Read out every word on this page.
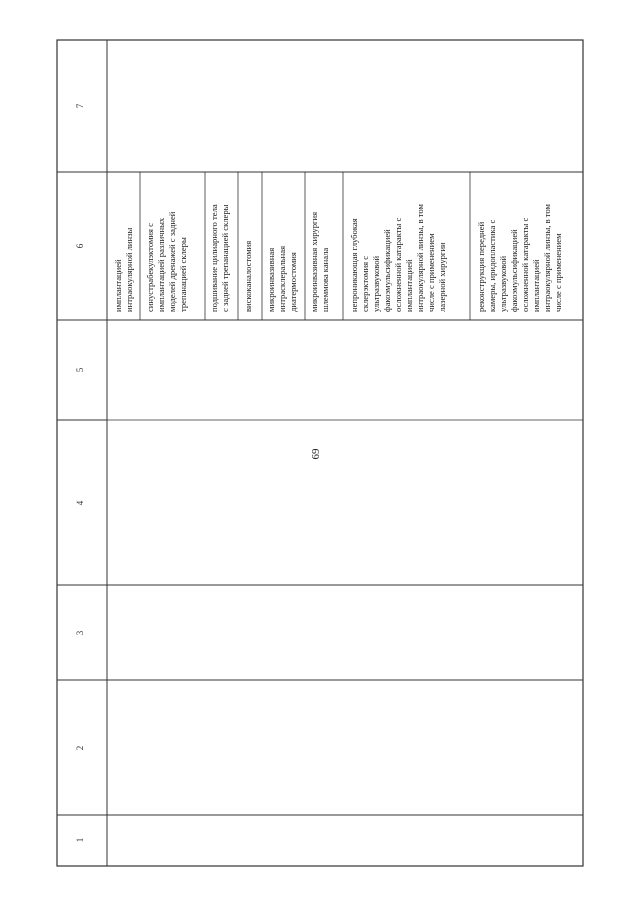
69
1
2
3
4
5
6
7
имплантацией
интраокулярной линзы синустрабекулэктомия с
имплантацией различных
моделей дренажей с задней
трепанацией склеры
подшивание цилиарного тела
с задней трепанацией склеры
вискоканалостомия микроинвазивная
интрасклеральная
диатермостомия микроинвазивная хирургия
шлеммова канала непроникающая глубокая
склерэктомия с
ультразвуковой
факоэмульсификацией
осложненной катаракты с
имплантацией
интраокулярной линзы, в том
числе с применением
лазерной хирургии	реконструкция передней
камеры, иридопластика с
ультразвуковой
факоэмульсификацией
осложненной катаракты с
имплантацией
интраокулярной линзы, в том
числе с применением
